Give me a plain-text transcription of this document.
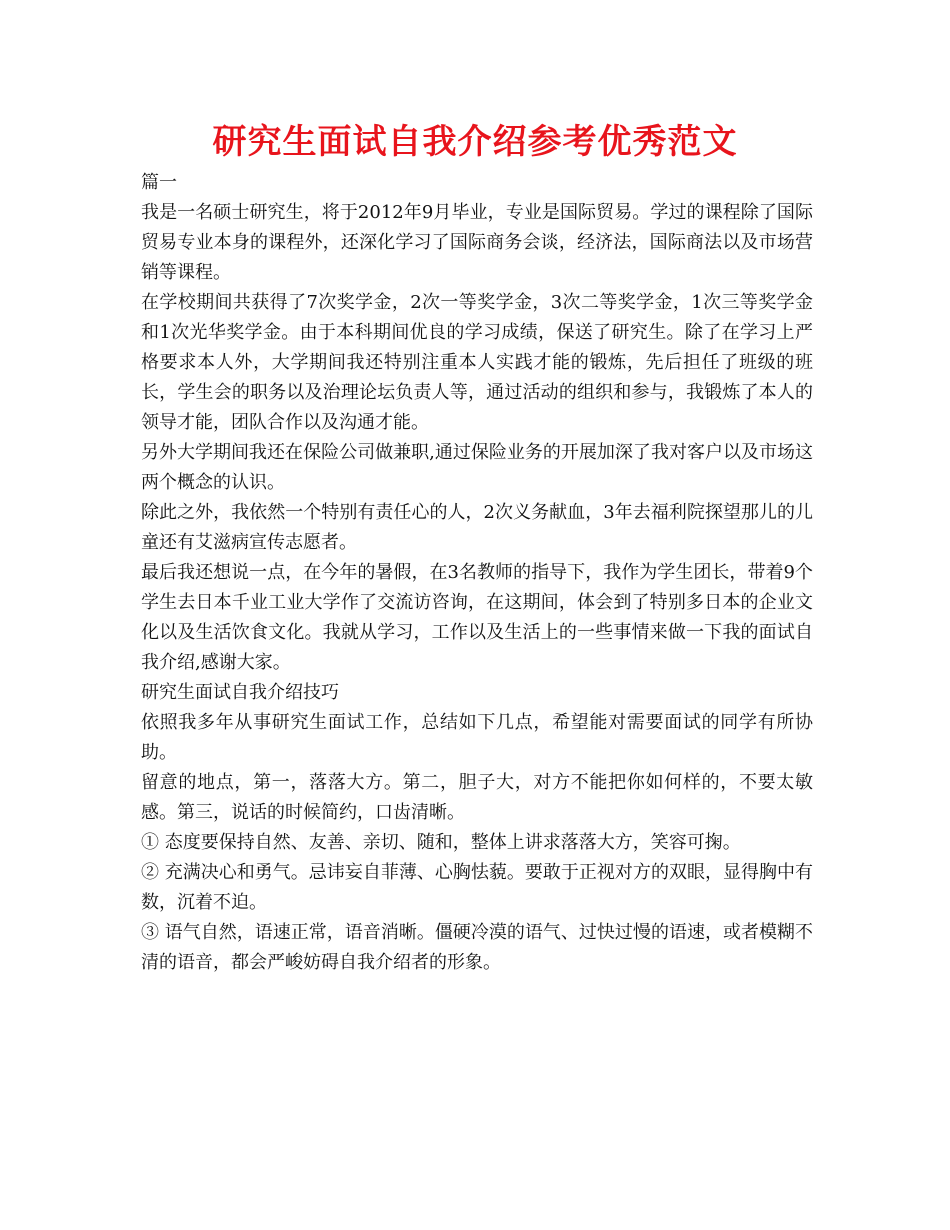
研究生面试自我介绍参考优秀范文

篇一

我是一名硕士研究生，将于2012年9月毕业，专业是国际贸易。学过的课程除了国际贸易专业本身的课程外，还深化学习了国际商务会谈，经济法，国际商法以及市场营销等课程。

在学校期间共获得了7次奖学金，2次一等奖学金，3次二等奖学金，1次三等奖学金和1次光华奖学金。由于本科期间优良的学习成绩，保送了研究生。除了在学习上严格要求本人外，大学期间我还特别注重本人实践才能的锻炼，先后担任了班级的班长，学生会的职务以及治理论坛负责人等，通过活动的组织和参与，我锻炼了本人的领导才能，团队合作以及沟通才能。

另外大学期间我还在保险公司做兼职,通过保险业务的开展加深了我对客户以及市场这两个概念的认识。

除此之外，我依然一个特别有责任心的人，2次义务献血，3年去福利院探望那儿的儿童还有艾滋病宣传志愿者。

最后我还想说一点，在今年的暑假，在3名教师的指导下，我作为学生团长，带着9个学生去日本千业工业大学作了交流访咨询，在这期间，体会到了特别多日本的企业文化以及生活饮食文化。我就从学习，工作以及生活上的一些事情来做一下我的面试自我介绍,感谢大家。

研究生面试自我介绍技巧

依照我多年从事研究生面试工作，总结如下几点，希望能对需要面试的同学有所协助。

留意的地点，第一，落落大方。第二，胆子大，对方不能把你如何样的，不要太敏感。第三，说话的时候简约，口齿清晰。

① 态度要保持自然、友善、亲切、随和，整体上讲求落落大方，笑容可掬。

② 充满决心和勇气。忌讳妄自菲薄、心胸怯藐。要敢于正视对方的双眼，显得胸中有数，沉着不迫。

③ 语气自然，语速正常，语音消晰。僵硬冷漠的语气、过快过慢的语速，或者模糊不清的语音，都会严峻妨碍自我介绍者的形象。
